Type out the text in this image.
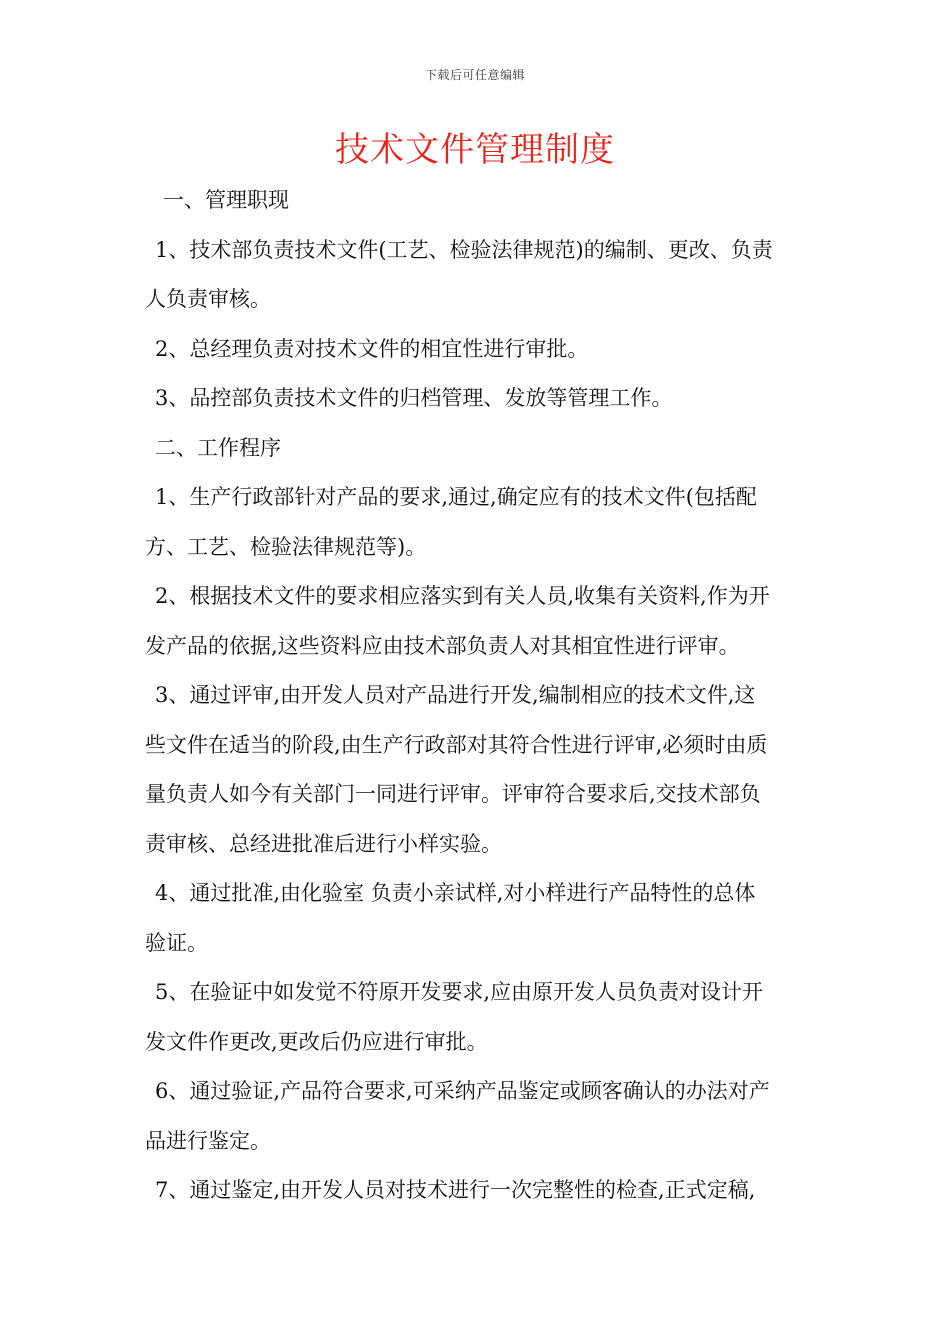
下载后可任意编辑
技术文件管理制度
一、管理职现
1、技术部负责技术文件(工艺、检验法律规范)的编制、更改、负责
人负责审核。
2、总经理负责对技术文件的相宜性进行审批。
3、品控部负责技术文件的归档管理、发放等管理工作。
二、工作程序
1、生产行政部针对产品的要求,通过,确定应有的技术文件(包括配
方、工艺、检验法律规范等)。
2、根据技术文件的要求相应落实到有关人员,收集有关资料,作为开
发产品的依据,这些资料应由技术部负责人对其相宜性进行评审。
3、通过评审,由开发人员对产品进行开发,编制相应的技术文件,这
些文件在适当的阶段,由生产行政部对其符合性进行评审,必须时由质
量负责人如今有关部门一同进行评审。评审符合要求后,交技术部负
责审核、总经进批准后进行小样实验。
4、通过批准,由化验室 负责小亲试样,对小样进行产品特性的总体
验证。
5、在验证中如发觉不符原开发要求,应由原开发人员负责对设计开
发文件作更改,更改后仍应进行审批。
6、通过验证,产品符合要求,可采纳产品鉴定或顾客确认的办法对产
品进行鉴定。
7、通过鉴定,由开发人员对技术进行一次完整性的检查,正式定稿,
